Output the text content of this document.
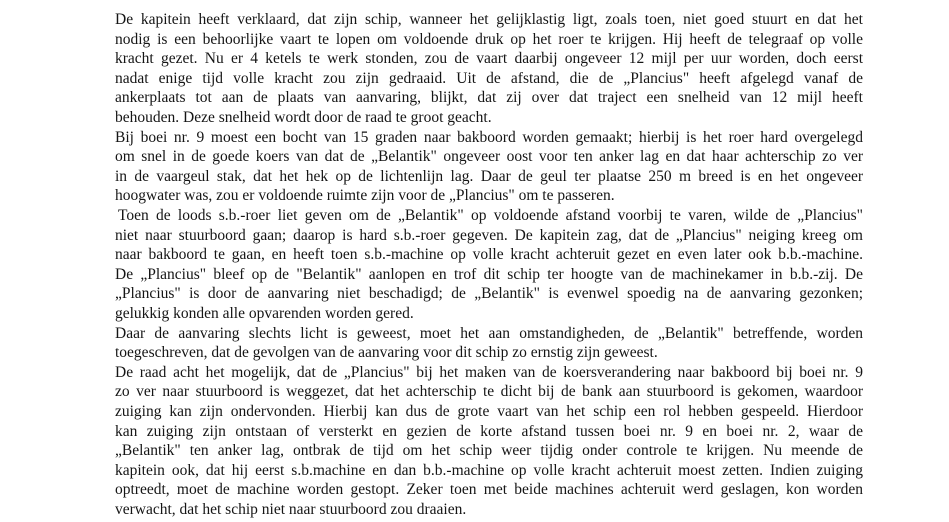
De kapitein heeft verklaard, dat zijn schip, wanneer het gelijklastig ligt, zoals toen, niet goed stuurt en dat het
nodig is een behoorlijke vaart te lopen om voldoende druk op het roer te krijgen. Hij heeft de telegraaf op volle
kracht gezet. Nu er 4 ketels te werk stonden, zou de vaart daarbij ongeveer 12 mijl per uur worden, doch eerst
nadat enige tijd volle kracht zou zijn gedraaid. Uit de afstand, die de „Plancius" heeft afgelegd vanaf de
ankerplaats tot aan de plaats van aanvaring, blijkt, dat zij over dat traject een snelheid van 12 mijl heeft
behouden. Deze snelheid wordt door de raad te groot geacht.
Bij boei nr. 9 moest een bocht van 15 graden naar bakboord worden gemaakt; hierbij is het roer hard overgelegd
om snel in de goede koers van dat de „Belantik" ongeveer oost voor ten anker lag en dat haar achterschip zo ver
in de vaargeul stak, dat het hek op de lichtenlijn lag. Daar de geul ter plaatse 250 m breed is en het ongeveer
hoogwater was, zou er voldoende ruimte zijn voor de „Plancius" om te passeren.
Toen de loods s.b.-roer liet geven om de „Belantik" op voldoende afstand voorbij te varen, wilde de „Plancius"
niet naar stuurboord gaan; daarop is hard s.b.-roer gegeven. De kapitein zag, dat de „Plancius" neiging kreeg om
naar bakboord te gaan, en heeft toen s.b.-machine op volle kracht achteruit gezet en even later ook b.b.-machine.
De „Plancius" bleef op de "Belantik" aanlopen en trof dit schip ter hoogte van de machinekamer in b.b.-zij. De
„Plancius" is door de aanvaring niet beschadigd; de „Belantik" is evenwel spoedig na de aanvaring gezonken;
gelukkig konden alle opvarenden worden gered.
Daar de aanvaring slechts licht is geweest, moet het aan omstandigheden, de „Belantik" betreffende, worden
toegeschreven, dat de gevolgen van de aanvaring voor dit schip zo ernstig zijn geweest.
De raad acht het mogelijk, dat de „Plancius" bij het maken van de koersverandering naar bakboord bij boei nr. 9
zo ver naar stuurboord is weggezet, dat het achterschip te dicht bij de bank aan stuurboord is gekomen, waardoor
zuiging kan zijn ondervonden. Hierbij kan dus de grote vaart van het schip een rol hebben gespeeld. Hierdoor
kan zuiging zijn ontstaan of versterkt en gezien de korte afstand tussen boei nr. 9 en boei nr. 2, waar de
„Belantik" ten anker lag, ontbrak de tijd om het schip weer tijdig onder controle te krijgen. Nu meende de
kapitein ook, dat hij eerst s.b.machine en dan b.b.-machine op volle kracht achteruit moest zetten. Indien zuiging
optreedt, moet de machine worden gestopt. Zeker toen met beide machines achteruit werd geslagen, kon worden
verwacht, dat het schip niet naar stuurboord zou draaien.
